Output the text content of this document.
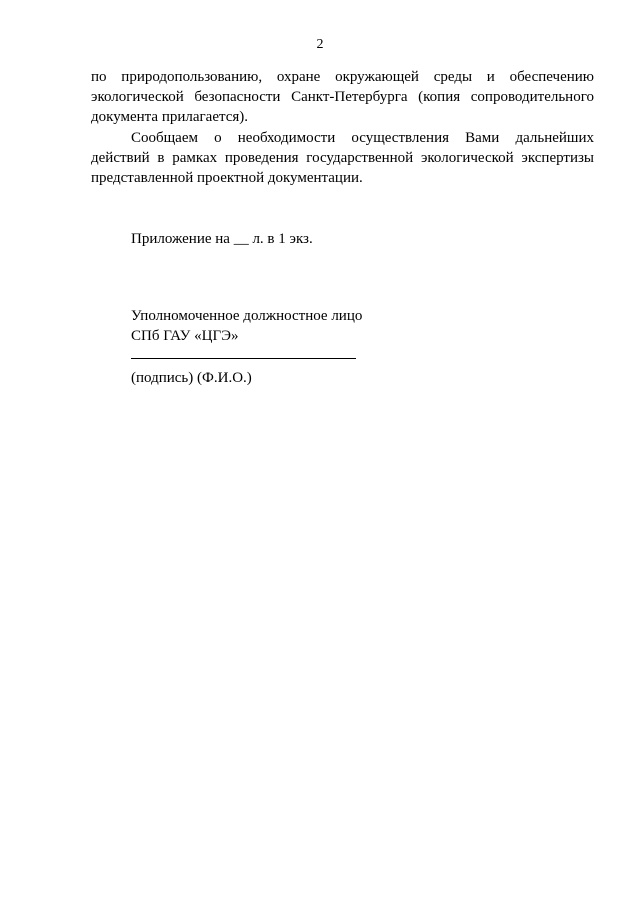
2

по природопользованию, охране окружающей среды и обеспечению экологической безопасности Санкт-Петербурга (копия сопроводительного документа прилагается).

Сообщаем о необходимости осуществления Вами дальнейших действий в рамках проведения государственной экологической экспертизы представленной проектной документации.

Приложение на __ л. в 1 экз.
Уполномоченное должностное лицо
СПб ГАУ «ЦГЭ»
(подпись) (Ф.И.О.)
